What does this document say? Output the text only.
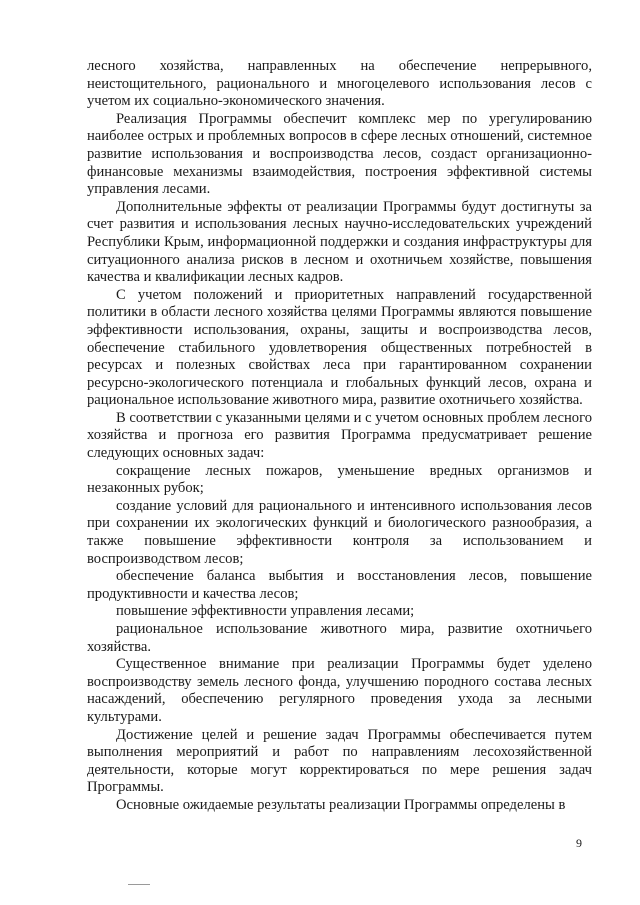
лесного хозяйства, направленных на обеспечение непрерывного, неистощительного, рационального и многоцелевого использования лесов с учетом их социально-экономического значения.

Реализация Программы обеспечит комплекс мер по урегулированию наиболее острых и проблемных вопросов в сфере лесных отношений, системное развитие использования и воспроизводства лесов, создаст организационно-финансовые механизмы взаимодействия, построения эффективной системы управления лесами.

Дополнительные эффекты от реализации Программы будут достигнуты за счет развития и использования лесных научно-исследовательских учреждений Республики Крым, информационной поддержки и создания инфраструктуры для ситуационного анализа рисков в лесном и охотничьем хозяйстве, повышения качества и квалификации лесных кадров.

С учетом положений и приоритетных направлений государственной политики в области лесного хозяйства целями Программы являются повышение эффективности использования, охраны, защиты и воспроизводства лесов, обеспечение стабильного удовлетворения общественных потребностей в ресурсах и полезных свойствах леса при гарантированном сохранении ресурсно-экологического потенциала и глобальных функций лесов, охрана и рациональное использование животного мира, развитие охотничьего хозяйства.

В соответствии с указанными целями и с учетом основных проблем лесного хозяйства и прогноза его развития Программа предусматривает решение следующих основных задач:

сокращение лесных пожаров, уменьшение вредных организмов и незаконных рубок;

создание условий для рационального и интенсивного использования лесов при сохранении их экологических функций и биологического разнообразия, а также повышение эффективности контроля за использованием и воспроизводством лесов;

обеспечение баланса выбытия и восстановления лесов, повышение продуктивности и качества лесов;

повышение эффективности управления лесами;

рациональное использование животного мира, развитие охотничьего хозяйства.

Существенное внимание при реализации Программы будет уделено воспроизводству земель лесного фонда, улучшению породного состава лесных насаждений, обеспечению регулярного проведения ухода за лесными культурами.

Достижение целей и решение задач Программы обеспечивается путем выполнения мероприятий и работ по направлениям лесохозяйственной деятельности, которые могут корректироваться по мере решения задач Программы.

Основные ожидаемые результаты реализации Программы определены в

9
